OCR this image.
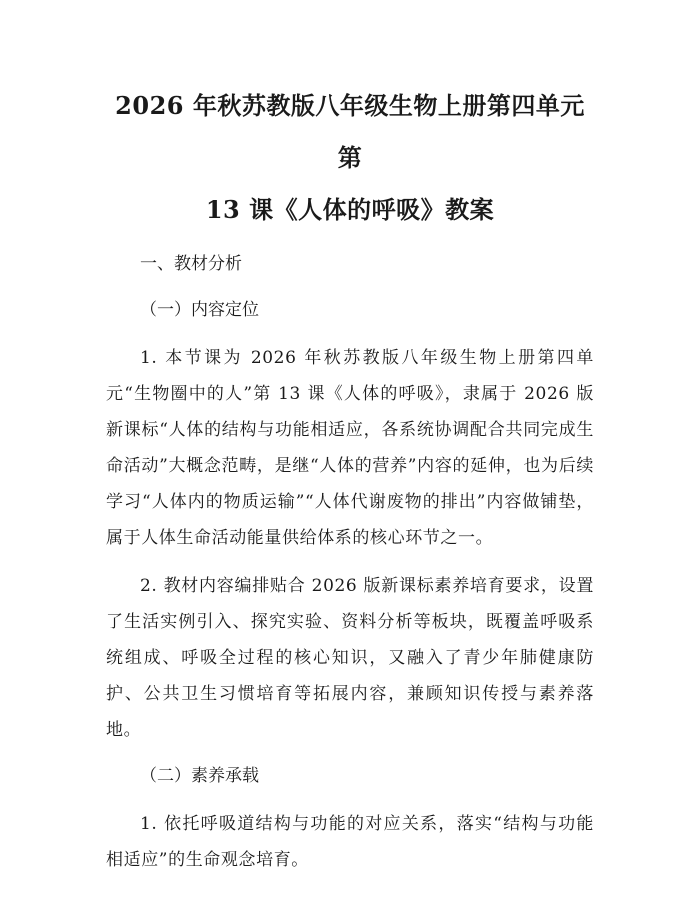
2026 年秋苏教版八年级生物上册第四单元第
13 课《人体的呼吸》教案

一、教材分析

（一）内容定位

1. 本节课为 2026 年秋苏教版八年级生物上册第四单元“生物圈中的人”第 13 课《人体的呼吸》，隶属于 2026 版新课标“人体的结构与功能相适应，各系统协调配合共同完成生命活动”大概念范畴，是继“人体的营养”内容的延伸，也为后续学习“人体内的物质运输”“人体代谢废物的排出”内容做铺垫，属于人体生命活动能量供给体系的核心环节之一。

2. 教材内容编排贴合 2026 版新课标素养培育要求，设置了生活实例引入、探究实验、资料分析等板块，既覆盖呼吸系统组成、呼吸全过程的核心知识，又融入了青少年肺健康防护、公共卫生习惯培育等拓展内容，兼顾知识传授与素养落地。

（二）素养承载

1. 依托呼吸道结构与功能的对应关系，落实“结构与功能相适应”的生命观念培育。
